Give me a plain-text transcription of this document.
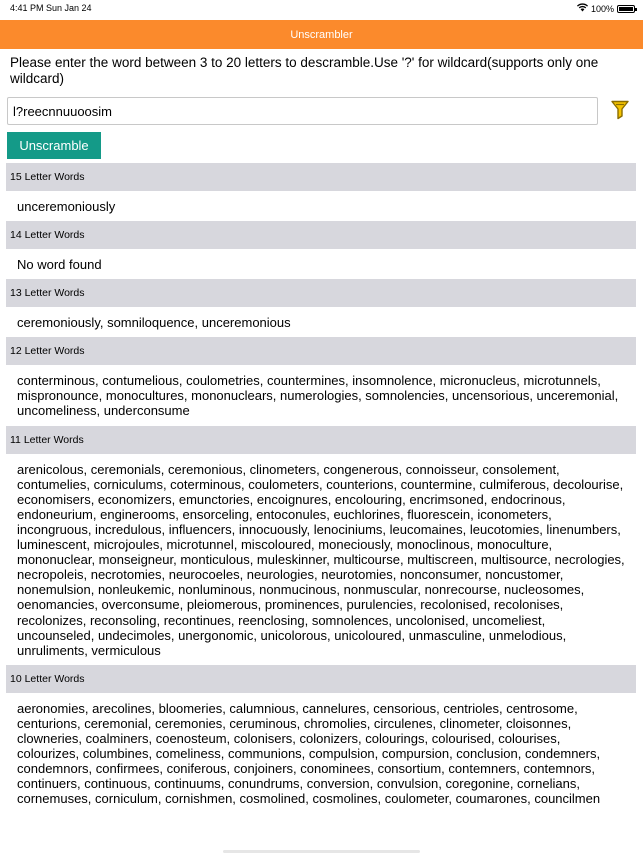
4:41 PM Sun Jan 24	100%
Unscrambler
Please enter the word between 3 to 20 letters to descramble.Use '?' for wildcard(supports only one wildcard)
l?reecnnuuoosim
Unscramble
15 Letter Words
unceremoniously
14 Letter Words
No word found
13 Letter Words
ceremoniously, somniloquence, unceremonious
12 Letter Words
conterminous, contumelious, coulometries, countermines, insomnolence, micronucleus, microtunnels, mispronounce, monocultures, mononuclears, numerologies, somnolencies, uncensorious, unceremonial, uncomeliness, underconsume
11 Letter Words
arenicolous, ceremonials, ceremonious, clinometers, congenerous, connoisseur, consolement, contumelies, corniculums, coterminous, coulometers, counterions, countermine, culmiferous, decolourise, economisers, economizers, emunctories, encoignures, encolouring, encrimsoned, endocrinous, endoneurium, enginerooms, ensorceling, entoconules, euchlorines, fluorescein, iconometers, incongruous, incredulous, influencers, innocuously, lenociniums, leucomaines, leucotomies, linenumbers, luminescent, microjoules, microtunnel, miscoloured, moneciously, monoclinous, monoculture, mononuclear, monseigneur, monticulous, muleskinner, multicourse, multiscreen, multisource, necrologies, necropoleis, necrotomies, neurocoeles, neurologies, neurotomies, nonconsumer, noncustomer, nonemulsion, nonleukemic, nonluminous, nonmucinous, nonmuscular, nonrecourse, nucleosomes, oenomancies, overconsume, pleiomerous, prominences, purulencies, recolonised, recolonises, recolonizes, reconsoling, recontinues, reenclosing, somnolences, uncolonised, uncomeliest, uncounseled, undecimoles, unergonomic, unicolorous, unicoloured, unmasculine, unmelodious, unruliments, vermiculous
10 Letter Words
aeronomies, arecolines, bloomeries, calumnious, cannelures, censorious, centrioles, centrosome, centurions, ceremonial, ceremonies, ceruminous, chromolies, circulenes, clinometer, cloisonnes, clowneries, coalminers, coenosteum, colonisers, colonizers, colourings, colourised, colourises, colourizes, columbines, comeliness, communions, compulsion, compursion, conclusion, condemners, condemnors, confirmees, coniferous, conjoiners, conominees, consortium, contemners, contemnors, continuers, continuous, continuums, conundrums, conversion, convulsion, coregonine, cornelians, cornemuses, corniculum, cornishmen, cosmolined, cosmolines, coulometer, coumarones, councilmen
